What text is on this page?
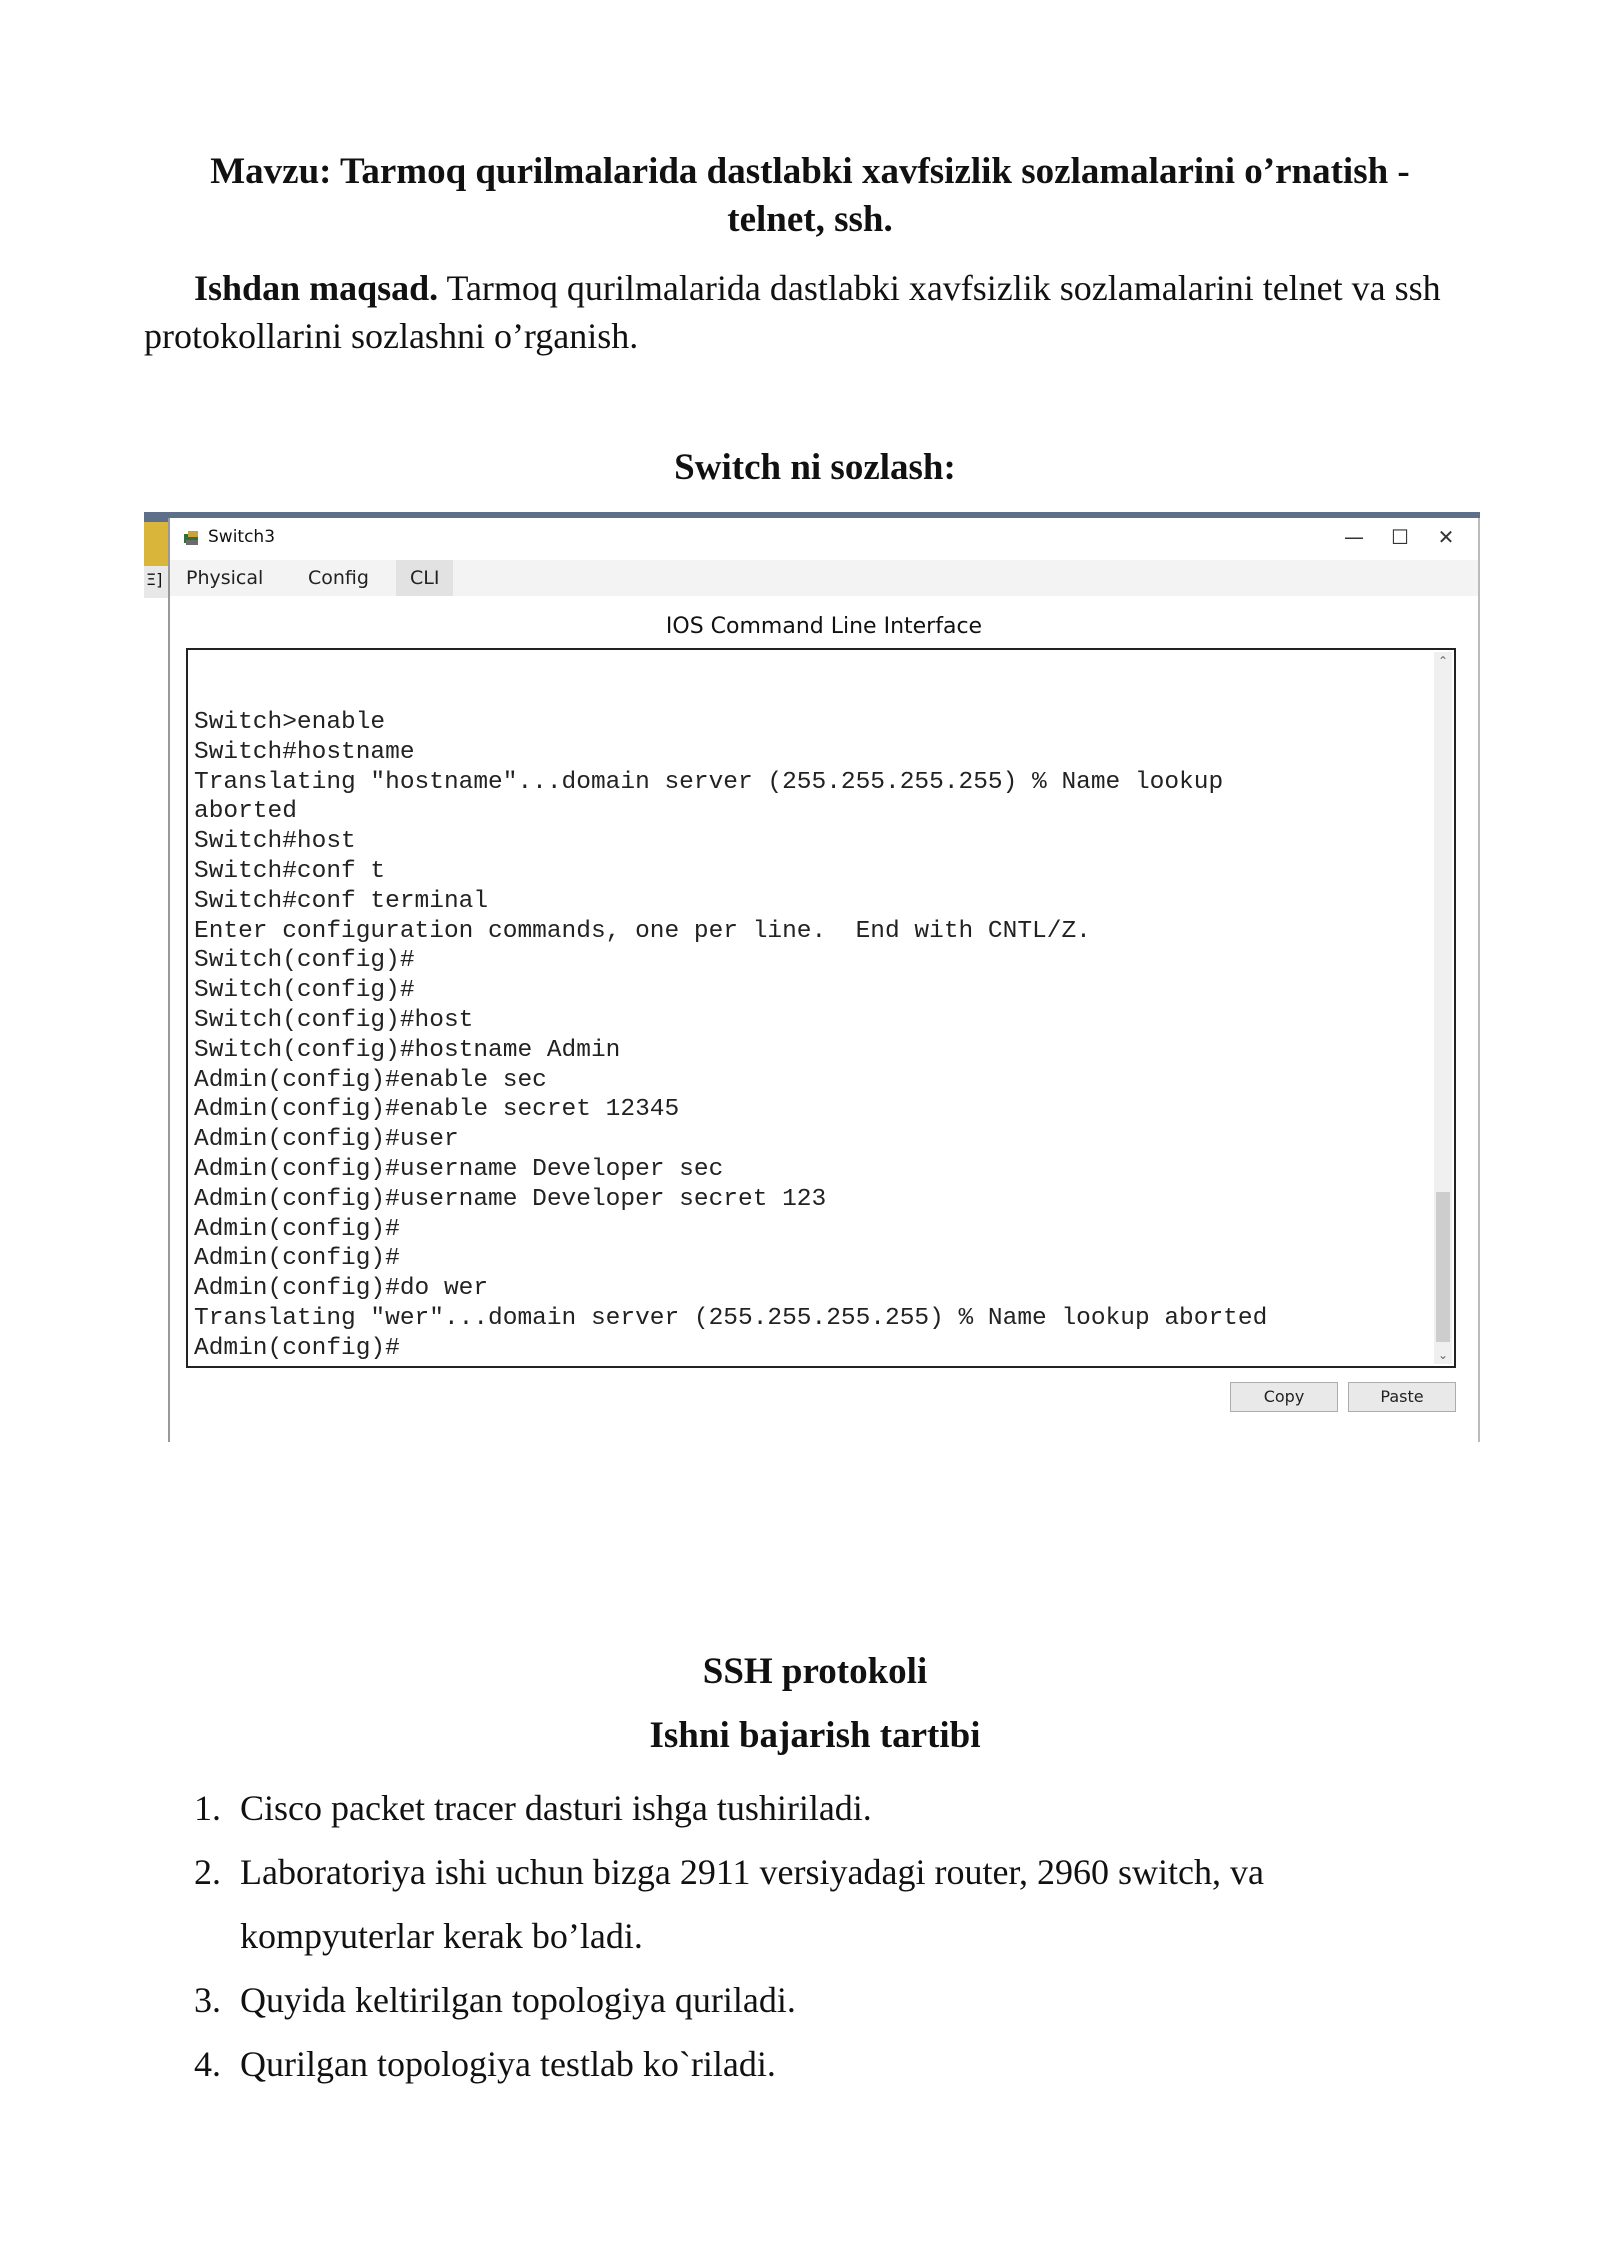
Mavzu: Tarmoq qurilmalarida dastlabki xavfsizlik sozlamalarini o’rnatish -
telnet, ssh.
Ishdan maqsad. Tarmoq qurilmalarida dastlabki xavfsizlik sozlamalarini telnet va ssh protokollarini sozlashni o’rganish.
Switch ni sozlash:
Ξ]
Switch3	—	☐	✕
Physical	Config	CLI
IOS Command Line Interface
Switch>enable
Switch#hostname
Translating "hostname"...domain server (255.255.255.255) % Name lookup
aborted
Switch#host
Switch#conf t
Switch#conf terminal
Enter configuration commands, one per line.  End with CNTL/Z.
Switch(config)#
Switch(config)#
Switch(config)#host
Switch(config)#hostname Admin
Admin(config)#enable sec
Admin(config)#enable secret 12345
Admin(config)#user
Admin(config)#username Developer sec
Admin(config)#username Developer secret 123
Admin(config)#
Admin(config)#
Admin(config)#do wer
Translating "wer"...domain server (255.255.255.255) % Name lookup aborted
Admin(config)#
⌃
⌄
Copy	Paste
SSH protokoli
Ishni bajarish tartibi
1. Cisco packet tracer dasturi ishga tushiriladi.
2. Laboratoriya ishi uchun bizga 2911 versiyadagi router, 2960 switch, va
kompyuterlar kerak bo’ladi.
3. Quyida keltirilgan topologiya quriladi.
4. Qurilgan topologiya testlab ko`riladi.
